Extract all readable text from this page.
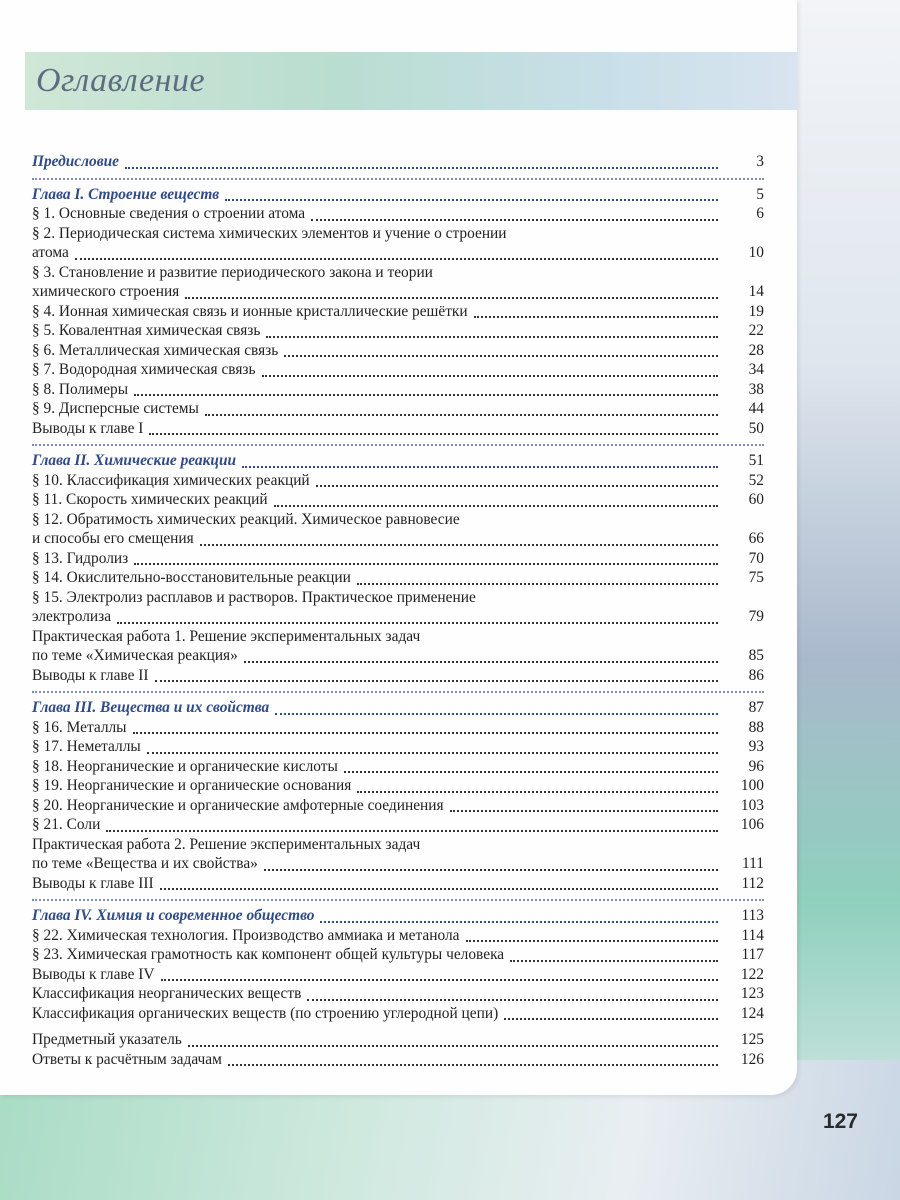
Оглавление
Предисловие	3
Глава I. Строение веществ	5
§ 1. Основные сведения о строении атома	6
§ 2. Периодическая система химических элементов и учение о строении
атома	10
§ 3. Становление и развитие периодического закона и теории
химического строения	14
§ 4. Ионная химическая связь и ионные кристаллические решётки	19
§ 5. Ковалентная химическая связь	22
§ 6. Металлическая химическая связь	28
§ 7. Водородная химическая связь	34
§ 8. Полимеры	38
§ 9. Дисперсные системы	44
Выводы к главе I	50
Глава II. Химические реакции	51
§ 10. Классификация химических реакций	52
§ 11. Скорость химических реакций	60
§ 12. Обратимость химических реакций. Химическое равновесие
и способы его смещения	66
§ 13. Гидролиз	70
§ 14. Окислительно-восстановительные реакции	75
§ 15. Электролиз расплавов и растворов. Практическое применение
электролиза	79
Практическая работа 1. Решение экспериментальных задач
по теме «Химическая реакция»	85
Выводы к главе II	86
Глава III. Вещества и их свойства	87
§ 16. Металлы	88
§ 17. Неметаллы	93
§ 18. Неорганические и органические кислоты	96
§ 19. Неорганические и органические основания	100
§ 20. Неорганические и органические амфотерные соединения	103
§ 21. Соли	106
Практическая работа 2. Решение экспериментальных задач
по теме «Вещества и их свойства»	111
Выводы к главе III	112
Глава IV. Химия и современное общество	113
§ 22. Химическая технология. Производство аммиака и метанола	114
§ 23. Химическая грамотность как компонент общей культуры человека	117
Выводы к главе IV	122
Классификация неорганических веществ	123
Классификация органических веществ (по строению углеродной цепи)	124
Предметный указатель	125
Ответы к расчётным задачам	126
127
